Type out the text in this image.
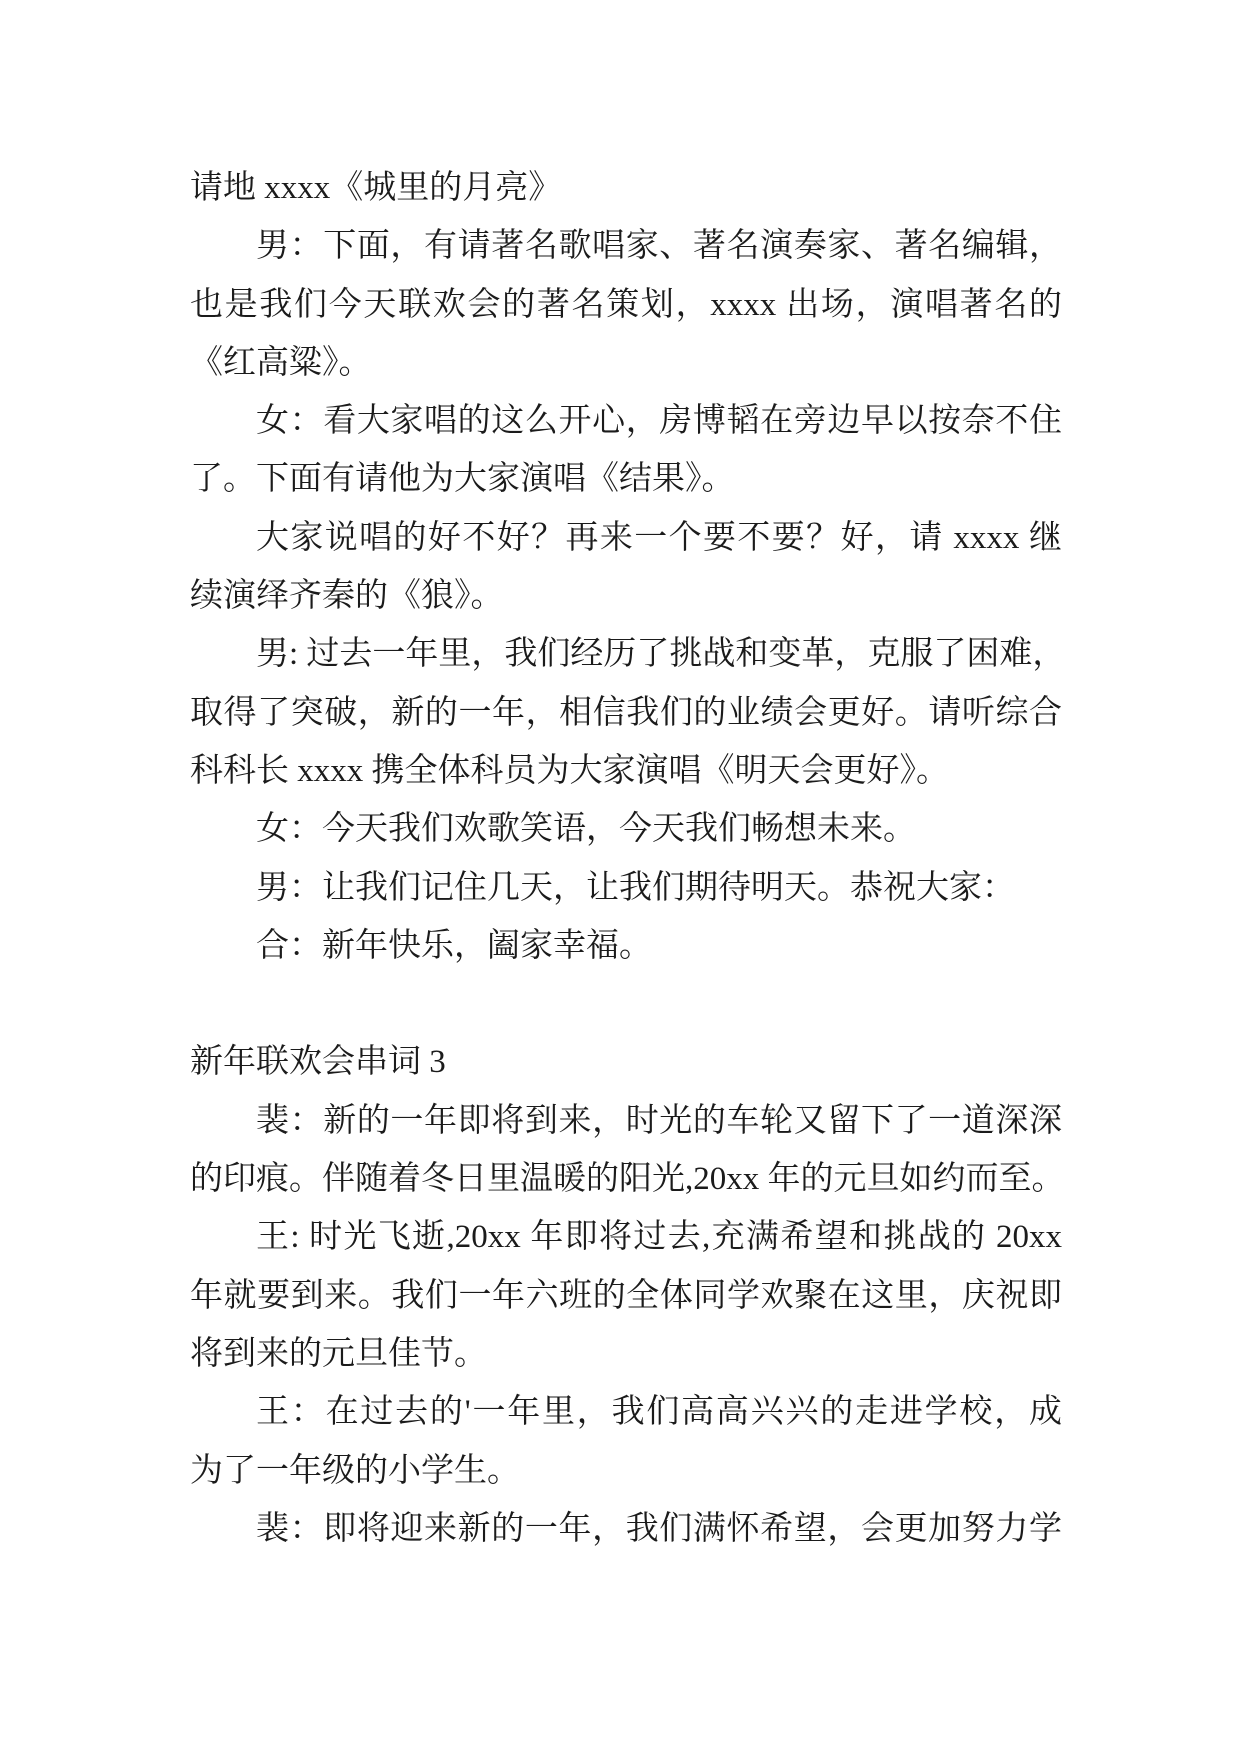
请地 xxxx《城里的月亮》
男：下面，有请著名歌唱家、著名演奏家、著名编辑，
也是我们今天联欢会的著名策划，xxxx 出场，演唱著名的
《红高粱》。
女：看大家唱的这么开心，房博韬在旁边早以按奈不住
了。下面有请他为大家演唱《结果》。
大家说唱的好不好？再来一个要不要？好，请 xxxx 继
续演绎齐秦的《狼》。
男: 过去一年里，我们经历了挑战和变革，克服了困难，
取得了突破，新的一年，相信我们的业绩会更好。请听综合
科科长 xxxx 携全体科员为大家演唱《明天会更好》。
女：今天我们欢歌笑语，今天我们畅想未来。
男：让我们记住几天，让我们期待明天。恭祝大家：
合：新年快乐，阖家幸福。
新年联欢会串词 3
裴：新的一年即将到来，时光的车轮又留下了一道深深
的印痕。伴随着冬日里温暖的阳光,20xx 年的元旦如约而至。
王: 时光飞逝,20xx 年即将过去,充满希望和挑战的 20xx
年就要到来。我们一年六班的全体同学欢聚在这里，庆祝即
将到来的元旦佳节。
王：在过去的'一年里，我们高高兴兴的走进学校，成
为了一年级的小学生。
裴：即将迎来新的一年，我们满怀希望，会更加努力学
